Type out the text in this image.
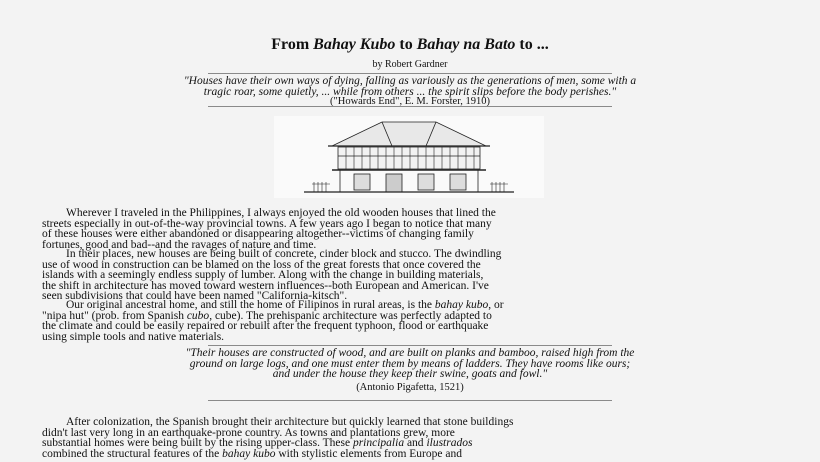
From Bahay Kubo to Bahay na Bato to ...
by Robert Gardner
"Houses have their own ways of dying, falling as variously as the generations of men, some with a
tragic roar, some quietly, ... while from others ... the spirit slips before the body perishes."
("Howards End", E. M. Forster, 1910)
Wherever I traveled in the Philippines, I always enjoyed the old wooden houses that lined the
streets especially in out-of-the-way provincial towns. A few years ago I began to notice that many
of these houses were either abandoned or disappearing altogether--victims of changing family
fortunes, good and bad--and the ravages of nature and time.
In their places, new houses are being built of concrete, cinder block and stucco. The dwindling
use of wood in construction can be blamed on the loss of the great forests that once covered the
islands with a seemingly endless supply of lumber. Along with the change in building materials,
the shift in architecture has moved toward western influences--both European and American. I've
seen subdivisions that could have been named "California-kitsch".
Our original ancestral home, and still the home of Filipinos in rural areas, is the bahay kubo, or
"nipa hut" (prob. from Spanish cubo, cube). The prehispanic architecture was perfectly adapted to
the climate and could be easily repaired or rebuilt after the frequent typhoon, flood or earthquake
using simple tools and native materials.
"Their houses are constructed of wood, and are built on planks and bamboo, raised high from the
ground on large logs, and one must enter them by means of ladders. They have rooms like ours;
and under the house they keep their swine, goats and fowl."
(Antonio Pigafetta, 1521)
After colonization, the Spanish brought their architecture but quickly learned that stone buildings
didn't last very long in an earthquake-prone country. As towns and plantations grew, more
substantial homes were being built by the rising upper-class. These principalia and ilustrados
combined the structural features of the bahay kubo with stylistic elements from Europe and
